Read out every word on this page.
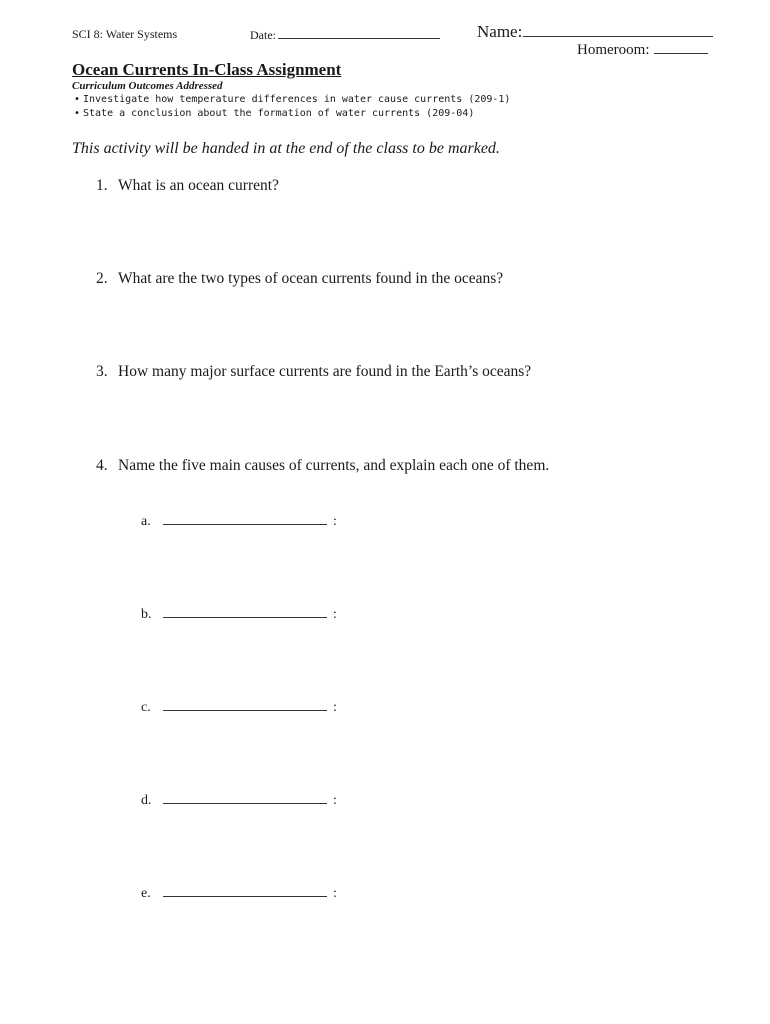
SCI 8: Water Systems	Date:	Name:
Homeroom:
Ocean Currents In-Class Assignment
Curriculum Outcomes Addressed
• Investigate how temperature differences in water cause currents (209-1)
• State a conclusion about the formation of water currents (209-04)
This activity will be handed in at the end of the class to be marked.
1. What is an ocean current?
2. What are the two types of ocean currents found in the oceans?
3. How many major surface currents are found in the Earth’s oceans?
4. Name the five main causes of currents, and explain each one of them.
a.	:
b.	:
c.	:
d.	:
e.	:
